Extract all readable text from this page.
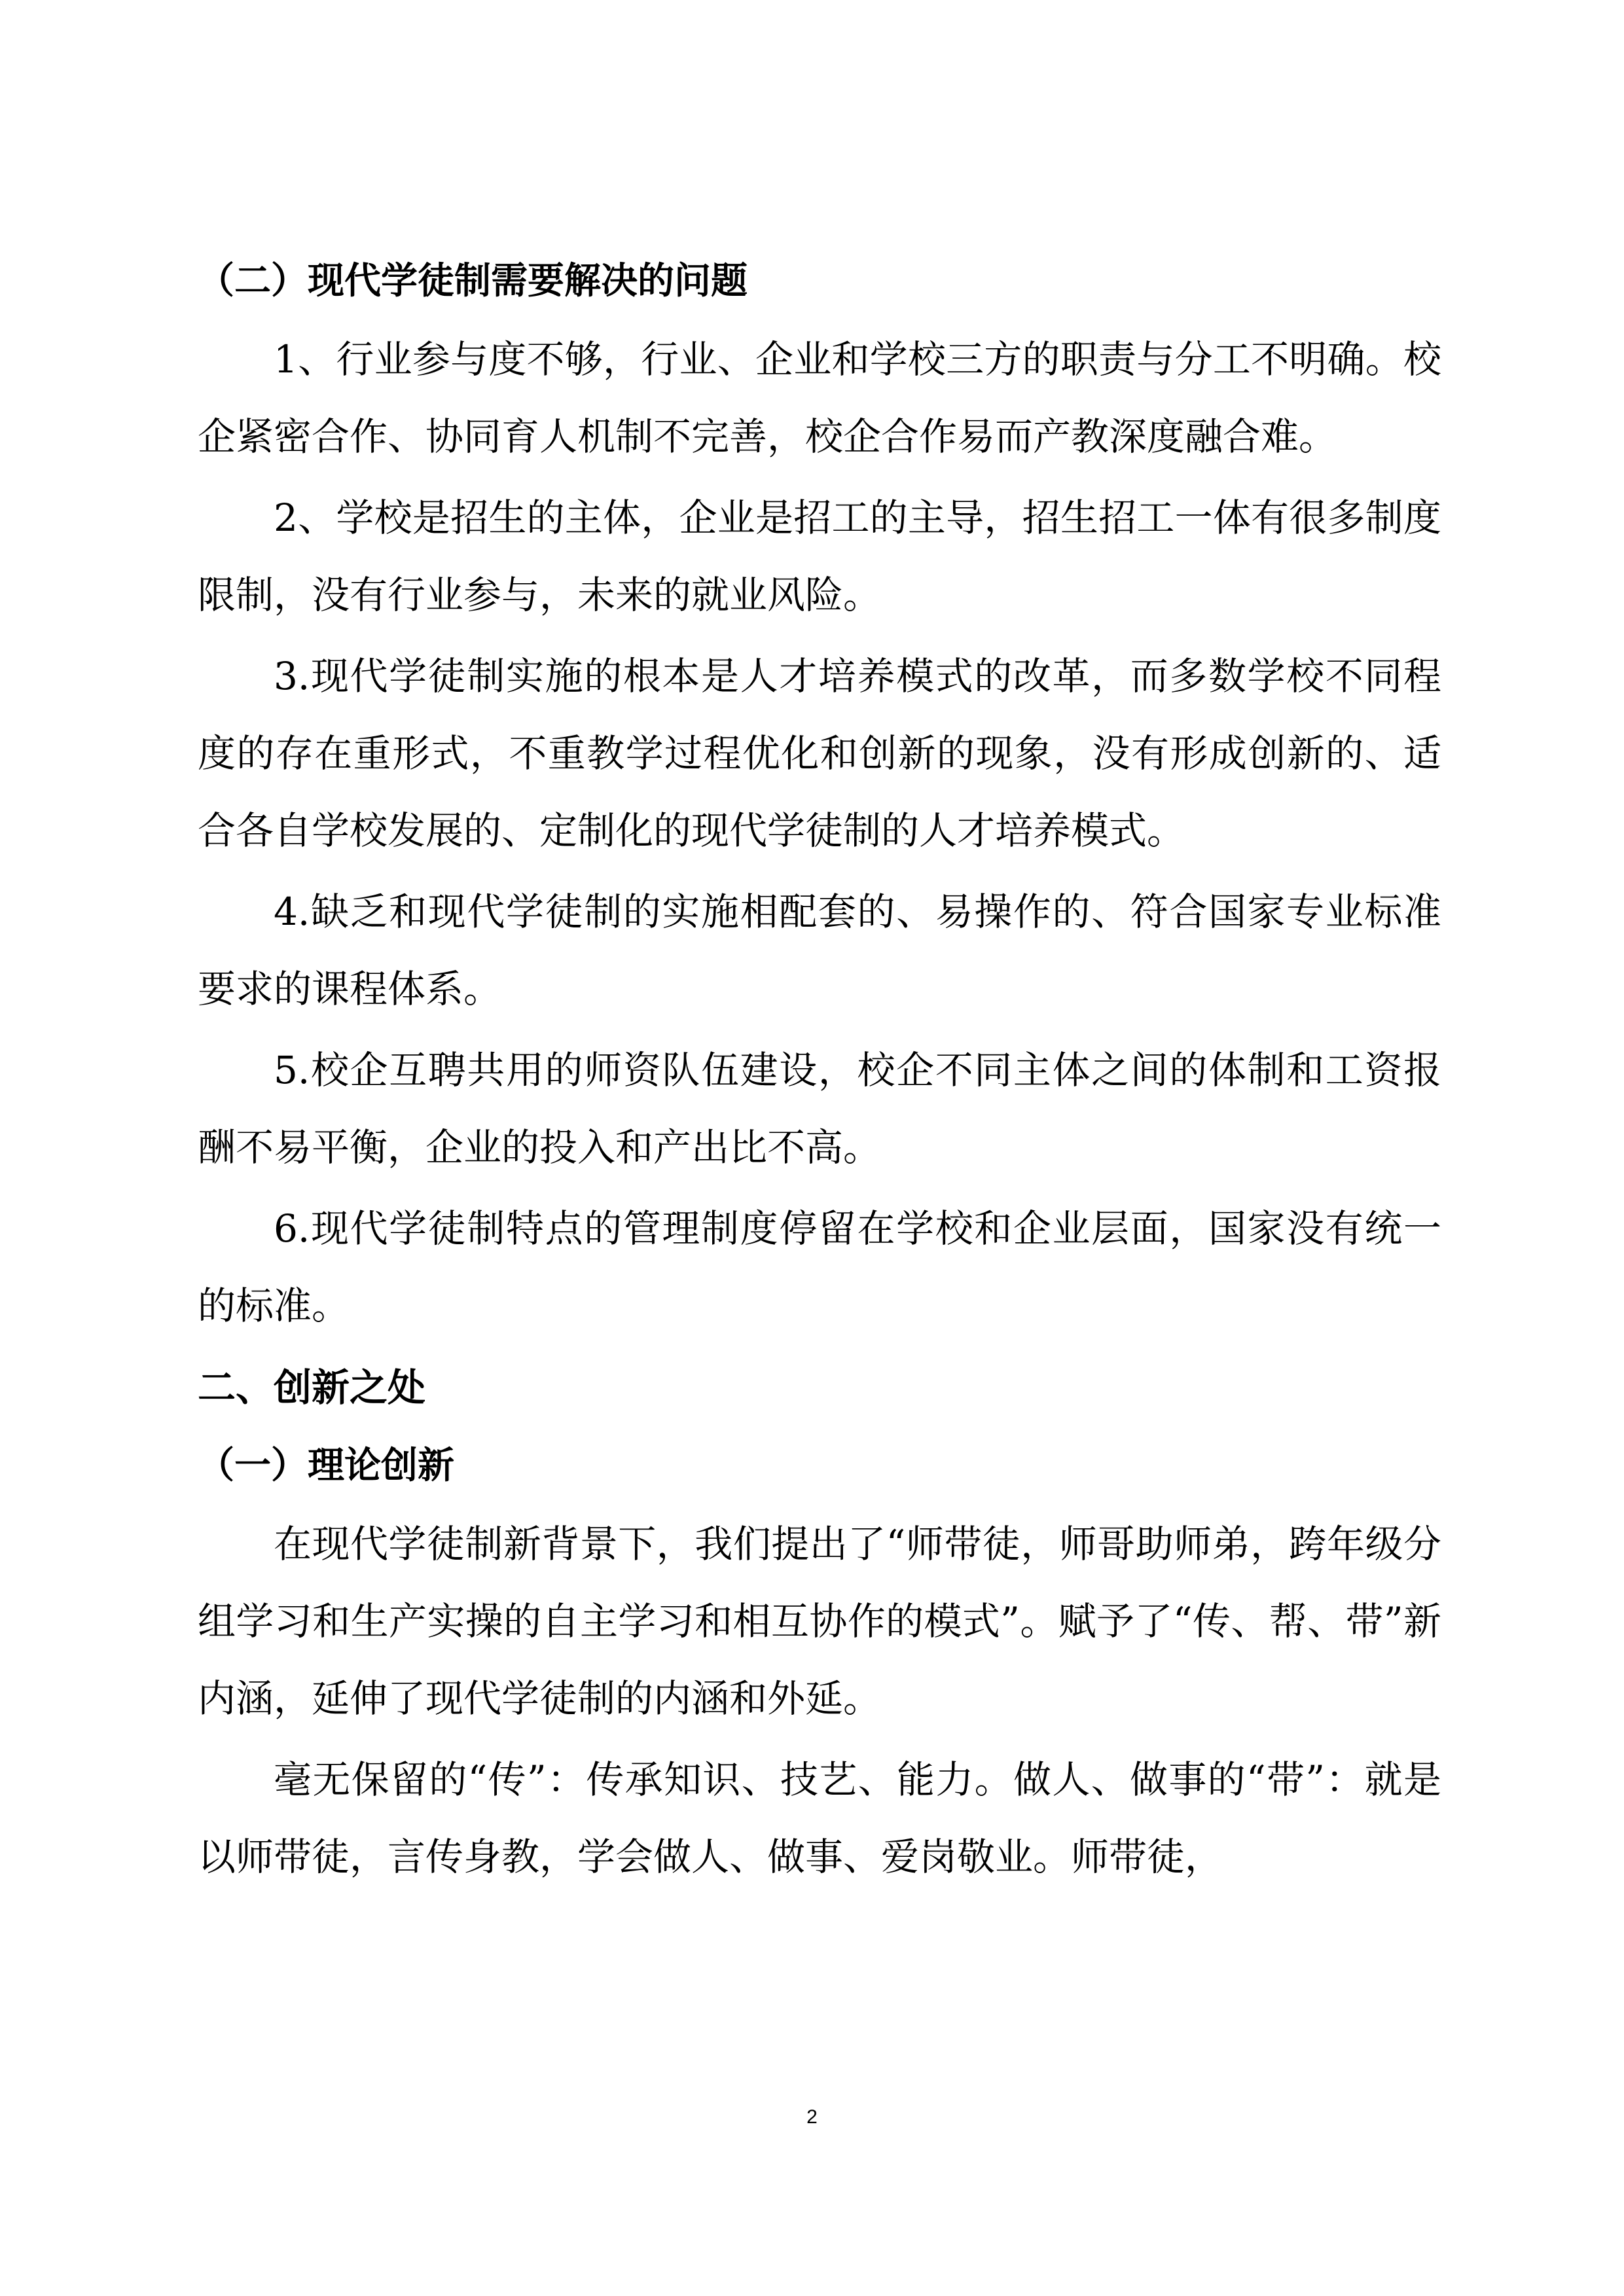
（二）现代学徒制需要解决的问题

1、行业参与度不够，行业、企业和学校三方的职责与分工不明确。校企紧密合作、协同育人机制不完善，校企合作易而产教深度融合难。

2、学校是招生的主体，企业是招工的主导，招生招工一体有很多制度限制，没有行业参与，未来的就业风险。

3.现代学徒制实施的根本是人才培养模式的改革，而多数学校不同程度的存在重形式，不重教学过程优化和创新的现象，没有形成创新的、适合各自学校发展的、定制化的现代学徒制的人才培养模式。

4.缺乏和现代学徒制的实施相配套的、易操作的、符合国家专业标准要求的课程体系。

5.校企互聘共用的师资队伍建设，校企不同主体之间的体制和工资报酬不易平衡，企业的投入和产出比不高。

6.现代学徒制特点的管理制度停留在学校和企业层面，国家没有统一的标准。

二、创新之处

（一）理论创新

在现代学徒制新背景下，我们提出了“师带徒，师哥助师弟，跨年级分组学习和生产实操的自主学习和相互协作的模式”。赋予了“传、帮、带”新内涵，延伸了现代学徒制的内涵和外延。

毫无保留的“传”：传承知识、技艺、能力。做人、做事的“带”：就是以师带徒，言传身教，学会做人、做事、爱岗敬业。师带徒，

2
